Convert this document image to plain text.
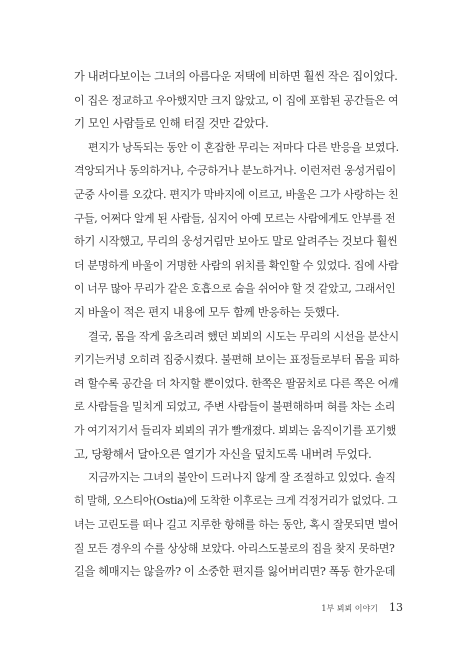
가 내려다보이는 그녀의 아름다운 저택에 비하면 훨씬 작은 집이었다.
이 집은 정교하고 우아했지만 크지 않았고, 이 집에 포함된 공간들은 여
기 모인 사람들로 인해 터질 것만 같았다.
편지가 낭독되는 동안 이 혼잡한 무리는 저마다 다른 반응을 보였다.
격앙되거나 동의하거나, 수긍하거나 분노하거나. 이런저런 웅성거림이
군중 사이를 오갔다. 편지가 막바지에 이르고, 바울은 그가 사랑하는 친
구들, 어쩌다 알게 된 사람들, 심지어 아예 모르는 사람에게도 안부를 전
하기 시작했고, 무리의 웅성거림만 보아도 말로 알려주는 것보다 훨씬
더 분명하게 바울이 거명한 사람의 위치를 확인할 수 있었다. 집에 사람
이 너무 많아 무리가 같은 호흡으로 숨을 쉬어야 할 것 같았고, 그래서인
지 바울이 적은 편지 내용에 모두 함께 반응하는 듯했다.
결국, 몸을 작게 움츠리려 했던 뵈뵈의 시도는 무리의 시선을 분산시
키기는커녕 오히려 집중시켰다. 불편해 보이는 표정들로부터 몸을 피하
려 할수록 공간을 더 차지할 뿐이었다. 한쪽은 팔꿈치로 다른 쪽은 어깨
로 사람들을 밀치게 되었고, 주변 사람들이 불편해하며 혀를 차는 소리
가 여기저기서 들리자 뵈뵈의 귀가 빨개졌다. 뵈뵈는 움직이기를 포기했
고, 당황해서 달아오른 열기가 자신을 덮치도록 내버려 두었다.
지금까지는 그녀의 불안이 드러나지 않게 잘 조절하고 있었다. 솔직
히 말해, 오스티아(Ostia)에 도착한 이후로는 크게 걱정거리가 없었다. 그
녀는 고린도를 떠나 길고 지루한 항해를 하는 동안, 혹시 잘못되면 벌어
질 모든 경우의 수를 상상해 보았다. 아리스도불로의 집을 찾지 못하면?
길을 헤매지는 않을까? 이 소중한 편지를 잃어버리면? 폭동 한가운데
1부 뵈뵈 이야기 13
